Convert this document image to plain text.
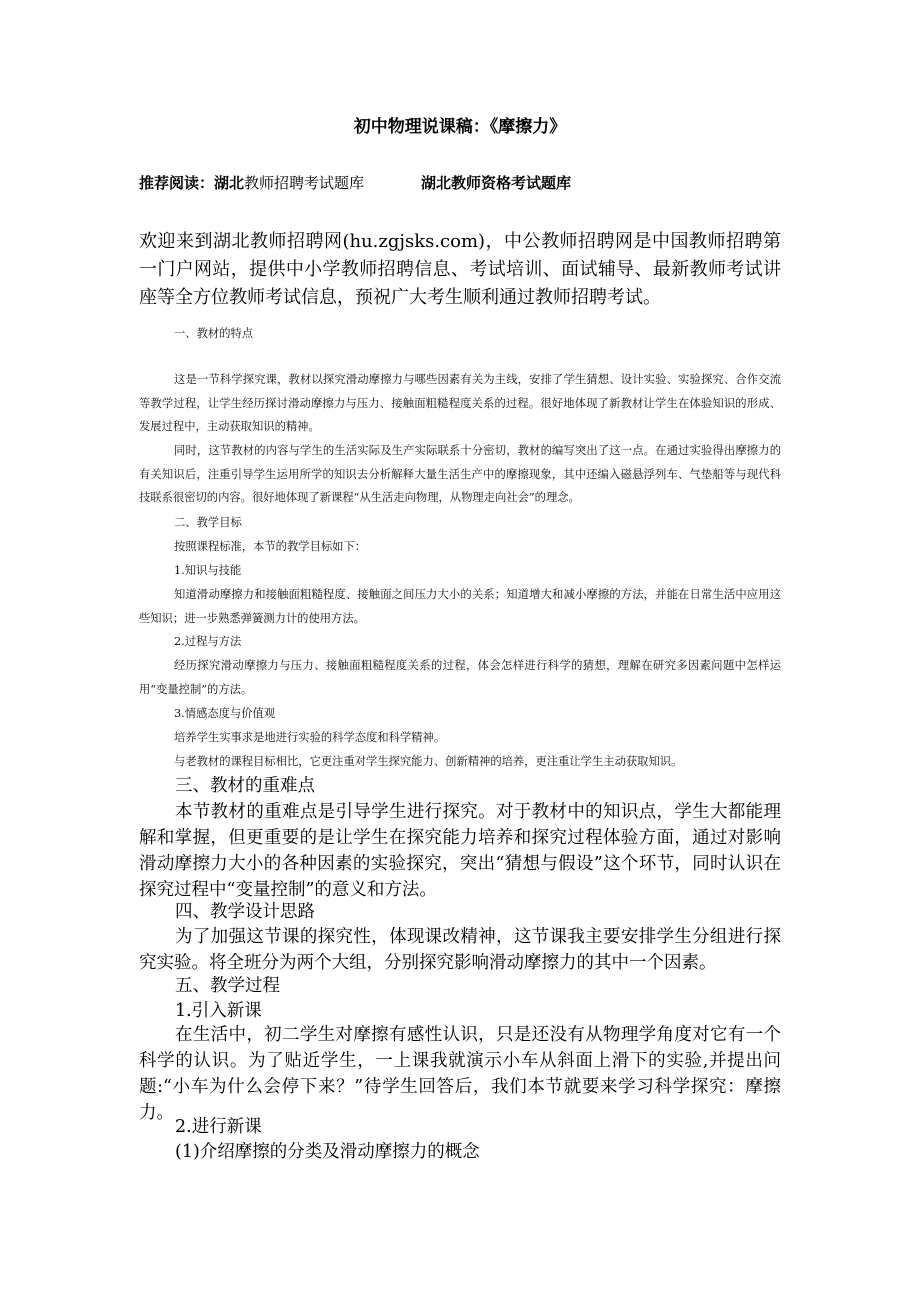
初中物理说课稿：《摩擦力》
推荐阅读：湖北教师招聘考试题库	湖北教师资格考试题库

欢迎来到湖北教师招聘网(hu.zgjsks.com)，中公教师招聘网是中国教师招聘第一门户网站，提供中小学教师招聘信息、考试培训、面试辅导、最新教师考试讲座等全方位教师考试信息，预祝广大考生顺利通过教师招聘考试。

一、教材的特点

这是一节科学探究课，教材以探究滑动摩擦力与哪些因素有关为主线，安排了学生猜想、设计实验、实验探究、合作交流等教学过程，让学生经历探讨滑动摩擦力与压力、接触面粗糙程度关系的过程。很好地体现了新教材让学生在体验知识的形成、发展过程中，主动获取知识的精神。

同时，这节教材的内容与学生的生活实际及生产实际联系十分密切，教材的编写突出了这一点。在通过实验得出摩擦力的有关知识后，注重引导学生运用所学的知识去分析解释大量生活生产中的摩擦现象，其中还编入磁悬浮列车、气垫船等与现代科技联系很密切的内容。很好地体现了新课程“从生活走向物理，从物理走向社会”的理念。

二、教学目标

按照课程标准，本节的教学目标如下：

1.知识与技能

知道滑动摩擦力和接触面粗糙程度、接触面之间压力大小的关系；知道增大和减小摩擦的方法，并能在日常生活中应用这些知识；进一步熟悉弹簧测力计的使用方法。

2.过程与方法

经历探究滑动摩擦力与压力、接触面粗糙程度关系的过程，体会怎样进行科学的猜想，理解在研究多因素问题中怎样运用“变量控制”的方法。

3.情感态度与价值观

培养学生实事求是地进行实验的科学态度和科学精神。

与老教材的课程目标相比，它更注重对学生探究能力、创新精神的培养，更注重让学生主动获取知识。

三、教材的重难点

本节教材的重难点是引导学生进行探究。对于教材中的知识点，学生大都能理解和掌握，但更重要的是让学生在探究能力培养和探究过程体验方面，通过对影响滑动摩擦力大小的各种因素的实验探究，突出“猜想与假设”这个环节，同时认识在探究过程中“变量控制”的意义和方法。

四、教学设计思路

为了加强这节课的探究性，体现课改精神，这节课我主要安排学生分组进行探究实验。将全班分为两个大组，分别探究影响滑动摩擦力的其中一个因素。

五、教学过程

1.引入新课

在生活中，初二学生对摩擦有感性认识，只是还没有从物理学角度对它有一个科学的认识。为了贴近学生，一上课我就演示小车从斜面上滑下的实验,并提出问题:“小车为什么会停下来？”待学生回答后，我们本节就要来学习科学探究：摩擦力。

2.进行新课

(1)介绍摩擦的分类及滑动摩擦力的概念
